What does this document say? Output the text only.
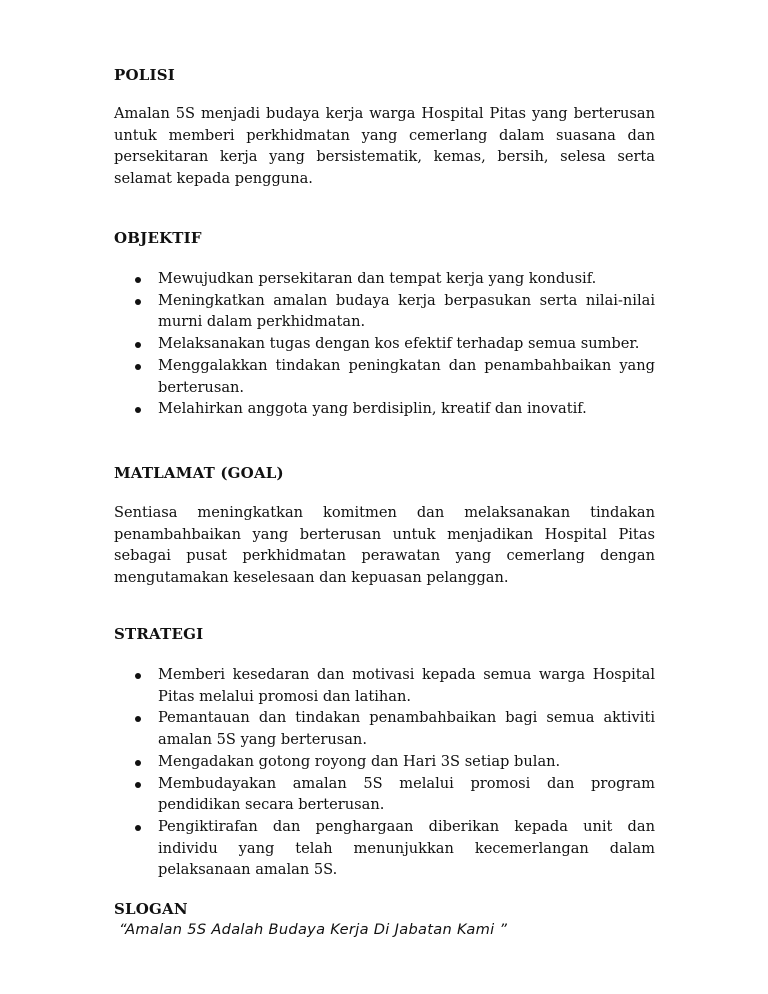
POLISI
Amalan 5S menjadi budaya kerja warga Hospital Pitas yang berterusan untuk memberi perkhidmatan yang cemerlang dalam suasana dan persekitaran kerja yang bersistematik, kemas, bersih, selesa serta selamat kepada pengguna.
OBJEKTIF
Mewujudkan persekitaran dan tempat kerja yang kondusif.
Meningkatkan amalan budaya kerja berpasukan serta nilai-nilai murni dalam perkhidmatan.
Melaksanakan tugas dengan kos efektif terhadap semua sumber.
Menggalakkan tindakan peningkatan dan penambahbaikan yang berterusan.
Melahirkan anggota yang berdisiplin, kreatif dan inovatif.
MATLAMAT (GOAL)
Sentiasa meningkatkan komitmen dan melaksanakan tindakan penambahbaikan yang berterusan untuk menjadikan Hospital Pitas sebagai pusat perkhidmatan perawatan yang cemerlang dengan mengutamakan keselesaan dan kepuasan pelanggan.
STRATEGI
Memberi kesedaran dan motivasi kepada semua warga Hospital Pitas melalui promosi dan latihan.
Pemantauan dan tindakan penambahbaikan bagi semua aktiviti amalan 5S yang berterusan.
Mengadakan gotong royong dan Hari 3S setiap bulan.
Membudayakan amalan 5S melalui promosi dan program pendidikan secara berterusan.
Pengiktirafan dan penghargaan diberikan kepada unit dan individu yang telah menunjukkan kecemerlangan dalam pelaksanaan amalan 5S.
SLOGAN
“Amalan 5S Adalah Budaya Kerja Di Jabatan Kami ”
